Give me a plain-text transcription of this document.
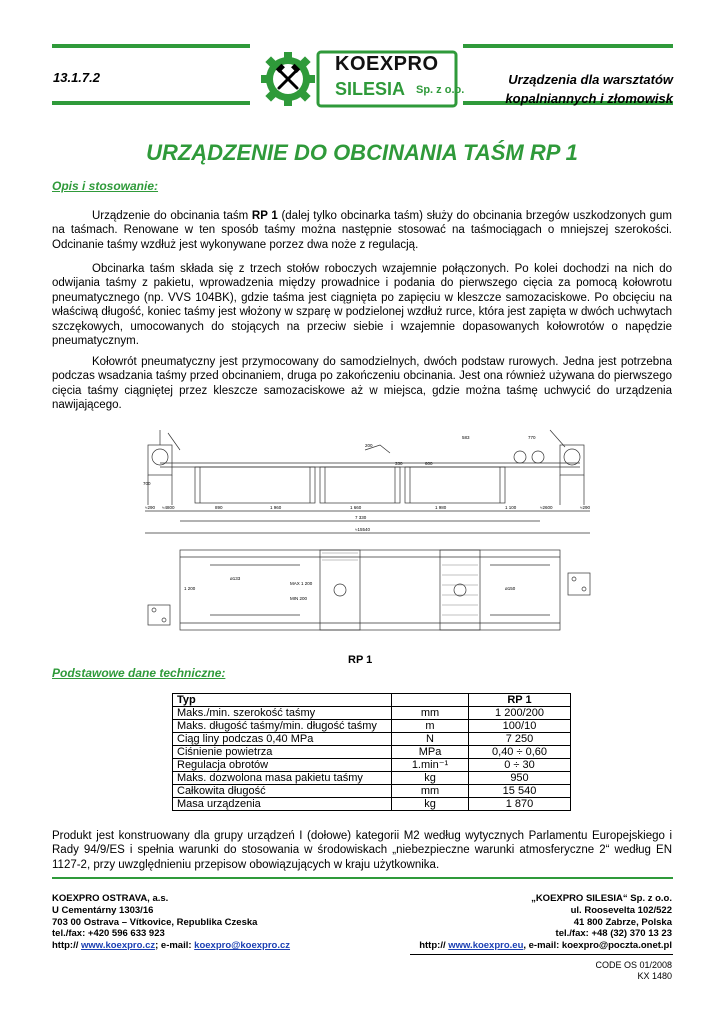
13.1.7.2	Urządzenia dla warsztatów
kopalniannych i złomowisk
KOEXPRO
SILESIA Sp. z o.o.
URZĄDZENIE DO OBCINANIA TAŚM RP 1
Opis i stosowanie:

Urządzenie do obcinania taśm RP 1 (dalej tylko obcinarka taśm) służy do obcinania brzegów uszkodzonych gum na taśmach. Renowane w ten sposób taśmy można następnie stosować na taśmociągach o mniejszej szerokości. Odcinanie taśmy wzdłuż jest wykonywane porzez dwa noże z regulacją.

Obcinarka taśm składa się z trzech stołów roboczych wzajemnie połączonych. Po kolei dochodzi na nich do odwijania taśmy z pakietu, wprowadzenia między prowadnice i podania do pierwszego cięcia za pomocą kołowrotu pneumatycznego (np. VVS 104BK), gdzie taśma jest ciągnięta po zapięciu w kleszcze samozaciskowe. Po obcięciu na właściwą długość, koniec taśmy jest włożony w szparę w podzielonej wzdłuż rurce, która jest zapięta w dwóch uchwytach szczękowych, umocowanych do stojących na przeciw siebie i wzajemnie dopasowanych kołowrotów o napędzie pneumatycznym.

Kołowrót pneumatyczny jest przymocowany do samodzielnych, dwóch podstaw rurowych. Jedna jest potrzebna podczas wsadzania taśmy przed obcinaniem, druga po zakończeniu obcinania. Jest ona również używana do pierwszego cięcia taśmy ciągniętej przez kleszcze samozaciskowe aż w miejsca, gdzie można taśmę uchwycić do urządzenia nawijającego.

≈290 ≈4800	890	1 960	1 660	1 980	1 100	≈2600	≈290
7 330
≈15540
583	770
200
330	600
700
1 200
MIN 200
MAX 1 200
ø133
ø150
RP 1
Podstawowe dane techniczne:
Typ		RP 1
Maks./min. szerokość taśmy	mm	1 200/200
Maks. długość taśmy/min. długość taśmy	m	100/10
Ciąg liny podczas 0,40 MPa	N	7 250
Ciśnienie powietrza	MPa	0,40 ÷ 0,60
Regulacja obrotów	1.min⁻¹	0 ÷ 30
Maks. dozwolona masa pakietu taśmy	kg	950
Całkowita długość	mm	15 540
Masa urządzenia	kg	1 870

Produkt jest konstruowany dla grupy urządzeń I (dołowe) kategorii M2 według wytycznych Parlamentu Europejskiego i Rady 94/9/ES i spełnia warunki do stosowania w środowiskach „niebezpieczne warunki atmosferyczne 2“ według EN 1127-2, przy uwzględnieniu przepisow obowiązujących w kraju użytkownika.

KOEXPRO OSTRAVA, a.s.
U Cementárny 1303/16
703 00 Ostrava – Vítkovice, Republika Czeska
tel./fax: +420 596 633 923
http:// www.koexpro.cz; e-mail: koexpro@koexpro.cz
„KOEXPRO SILESIA“ Sp. z o.o.
ul. Roosevelta 102/522
41 800 Zabrze, Polska
tel./fax: +48 (32) 370 13 23
http:// www.koexpro.eu, e-mail: koexpro@poczta.onet.pl
CODE OS 01/2008
KX 1480
